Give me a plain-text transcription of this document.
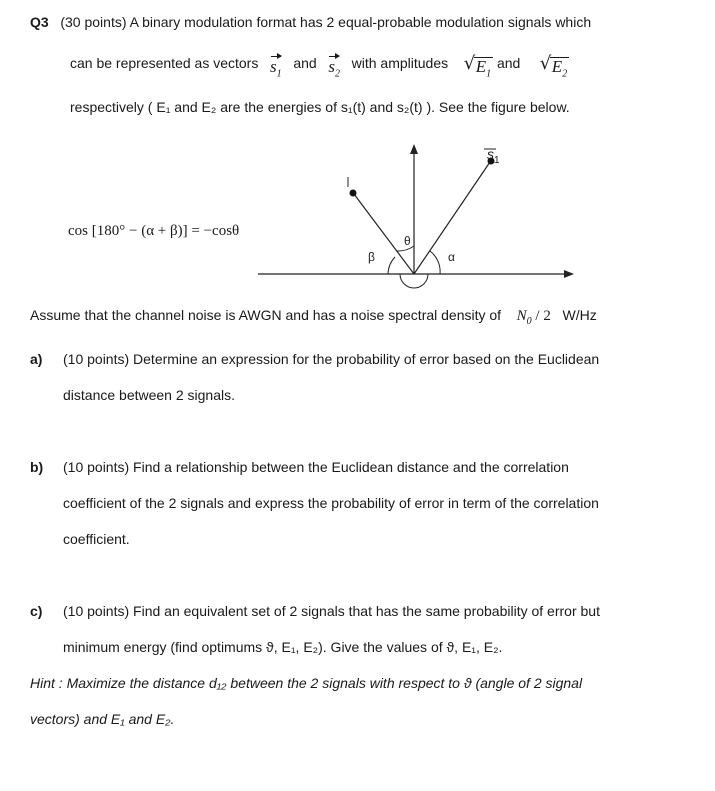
Q3 (30 points) A binary modulation format has 2 equal-probable modulation signals which
can be represented as vectors $s_1$   and $s_2$   with amplitudes √ $E_1$ and √ $E_2$
respectively ( E₁ and E₂ are the energies of s₁(t) and s₂(t) ). See the figure below.
cos [180° − (α + β)] = −cosθ
s 1
θ
β	α
Assume that the channel noise is AWGN and has a noise spectral density of $N_0 / 2$ W/Hz
a) (10 points) Determine an expression for the probability of error based on the Euclidean
distance between 2 signals.
b) (10 points) Find a relationship between the Euclidean distance and the correlation
coefficient of the 2 signals and express the probability of error in term of the correlation
coefficient.
c) (10 points) Find an equivalent set of 2 signals that has the same probability of error but
minimum energy (find optimums ϑ, E₁, E₂). Give the values of ϑ, E₁, E₂.
Hint : Maximize the distance d₁₂ between the 2 signals with respect to ϑ (angle of 2 signal
vectors) and E₁ and E₂.
